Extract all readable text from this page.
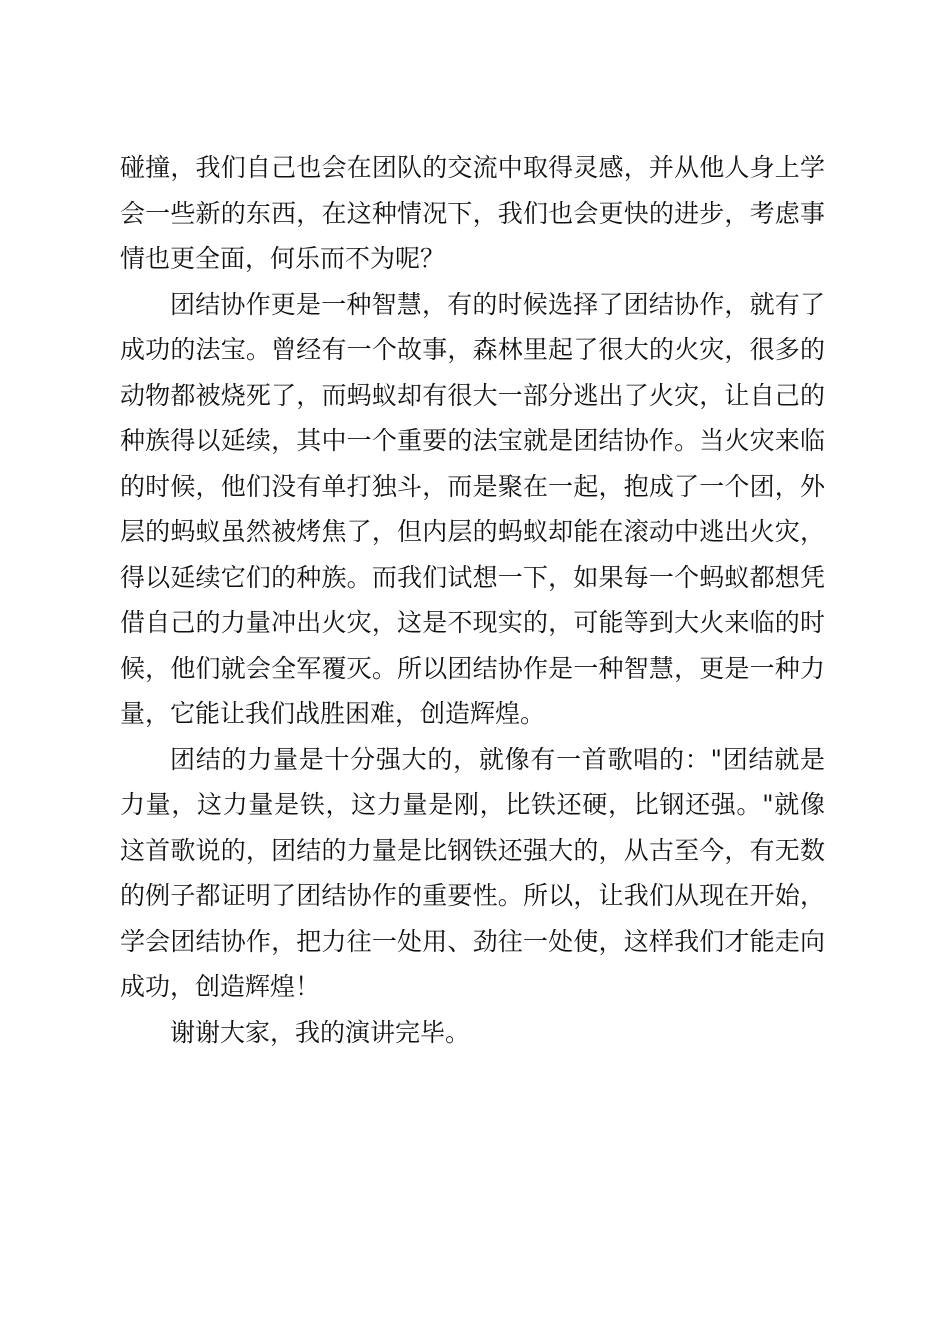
碰撞，我们自己也会在团队的交流中取得灵感，并从他人身上学会一些新的东西，在这种情况下，我们也会更快的进步，考虑事情也更全面，何乐而不为呢？

团结协作更是一种智慧，有的时候选择了团结协作，就有了成功的法宝。曾经有一个故事，森林里起了很大的火灾，很多的动物都被烧死了，而蚂蚁却有很大一部分逃出了火灾，让自己的种族得以延续，其中一个重要的法宝就是团结协作。当火灾来临的时候，他们没有单打独斗，而是聚在一起，抱成了一个团，外层的蚂蚁虽然被烤焦了，但内层的蚂蚁却能在滚动中逃出火灾，得以延续它们的种族。而我们试想一下，如果每一个蚂蚁都想凭借自己的力量冲出火灾，这是不现实的，可能等到大火来临的时候，他们就会全军覆灭。所以团结协作是一种智慧，更是一种力量，它能让我们战胜困难，创造辉煌。

团结的力量是十分强大的，就像有一首歌唱的："团结就是力量，这力量是铁，这力量是刚，比铁还硬，比钢还强。"就像这首歌说的，团结的力量是比钢铁还强大的，从古至今，有无数的例子都证明了团结协作的重要性。所以，让我们从现在开始，学会团结协作，把力往一处用、劲往一处使，这样我们才能走向成功，创造辉煌！

谢谢大家，我的演讲完毕。
